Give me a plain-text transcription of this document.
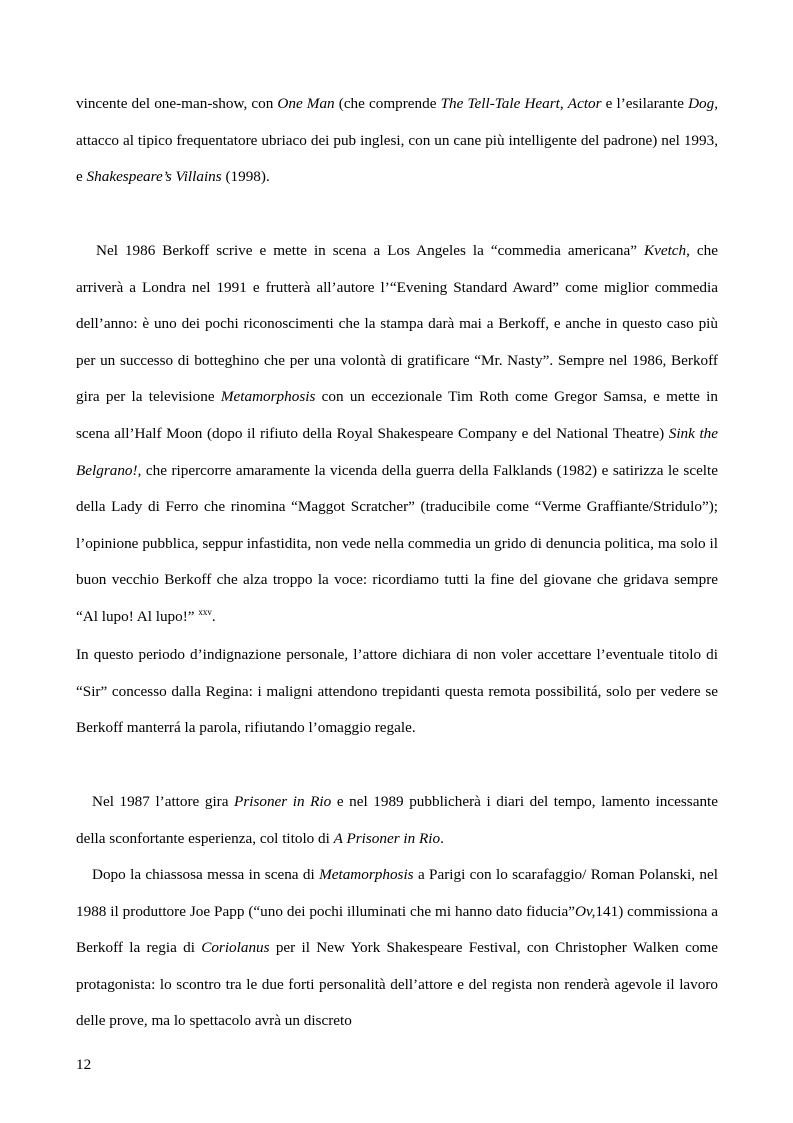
vincente del one-man-show, con One Man (che comprende The Tell-Tale Heart, Actor e l’esilarante Dog, attacco al tipico frequentatore ubriaco dei pub inglesi, con un cane più intelligente del padrone) nel 1993, e Shakespeare’s Villains (1998).

Nel 1986 Berkoff scrive e mette in scena a Los Angeles la “commedia americana” Kvetch, che arriverà a Londra nel 1991 e frutterà all’autore l’“Evening Standard Award” come miglior commedia dell’anno: è uno dei pochi riconoscimenti che la stampa darà mai a Berkoff, e anche in questo caso più per un successo di botteghino che per una volontà di gratificare “Mr. Nasty”. Sempre nel 1986, Berkoff gira per la televisione Metamorphosis con un eccezionale Tim Roth come Gregor Samsa, e mette in scena all’Half Moon (dopo il rifiuto della Royal Shakespeare Company e del National Theatre) Sink the Belgrano!, che ripercorre amaramente la vicenda della guerra della Falklands (1982) e satirizza le scelte della Lady di Ferro che rinomina “Maggot Scratcher” (traducibile come “Verme Graffiante/Stridulo”); l’opinione pubblica, seppur infastidita, non vede nella commedia un grido di denuncia politica, ma solo il buon vecchio Berkoff che alza troppo la voce: ricordiamo tutti la fine del giovane che gridava sempre “Al lupo! Al lupo!” $^{xxv}$.

In questo periodo d’indignazione personale, l’attore dichiara di non voler accettare l’eventuale titolo di “Sir” concesso dalla Regina: i maligni attendono trepidanti questa remota possibilitá, solo per vedere se Berkoff manterrá la parola, rifiutando l’omaggio regale.

Nel 1987 l’attore gira Prisoner in Rio e nel 1989 pubblicherà i diari del tempo, lamento incessante della sconfortante esperienza, col titolo di A Prisoner in Rio.

Dopo la chiassosa messa in scena di Metamorphosis a Parigi con lo scarafaggio/ Roman Polanski, nel 1988 il produttore Joe Papp (“uno dei pochi illuminati che mi hanno dato fiducia”Ov,141) commissiona a Berkoff la regia di Coriolanus per il New York Shakespeare Festival, con Christopher Walken come protagonista: lo scontro tra le due forti personalità dell’attore e del regista non renderà agevole il lavoro delle prove, ma lo spettacolo avrà un discreto

12
